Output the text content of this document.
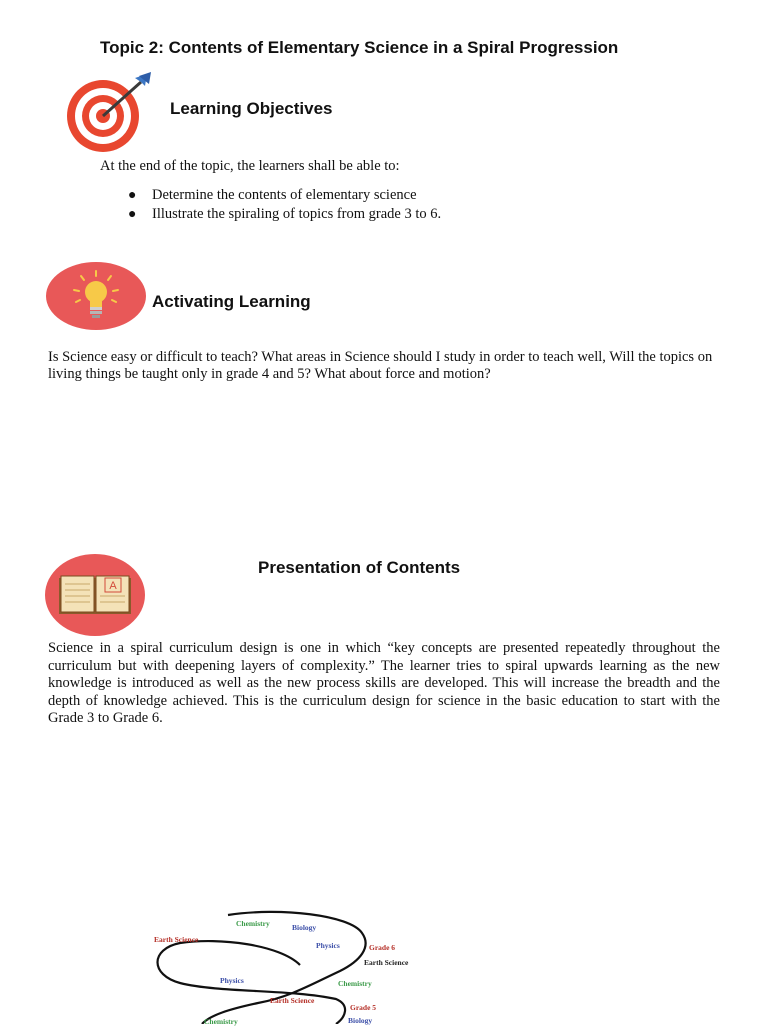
Topic 2: Contents of Elementary Science in a Spiral Progression
Learning Objectives
At the end of the topic, the learners shall be able to:
● Determine the contents of elementary science
● Illustrate the spiraling of topics from grade 3 to 6.
Activating Learning
Is Science easy or difficult to teach? What areas in Science should I study in order to teach well, Will the topics on living things be taught only in grade 4 and 5? What about force and motion?
A
Presentation of Contents
Science in a spiral curriculum design is one in which “key concepts are presented repeatedly throughout the curriculum but with deepening layers of complexity.” The learner tries to spiral upwards learning as the new knowledge is introduced as well as the new process skills are developed. This will increase the breadth and the depth of knowledge achieved. This is the curriculum design for science in the basic education to start with the Grade 3 to Grade 6.
Chemistry	Biology
Earth Science
Physics	Grade 6
Earth Science
Physics	Chemistry
Earth Science
Grade 5
Chemistry	Biology
